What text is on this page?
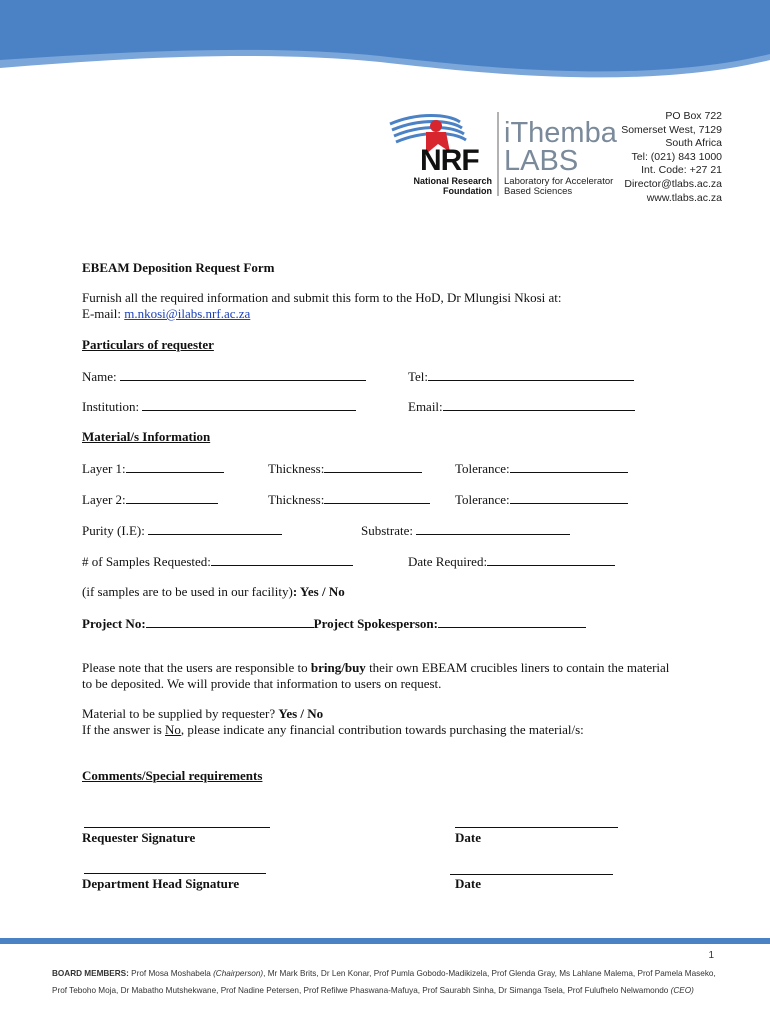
NRF
National Research
Foundation
iThemba
LABS
Laboratory for Accelerator
Based Sciences
PO Box 722
Somerset West, 7129
South Africa
Tel: (021) 843 1000
Int. Code: +27 21
Director@tlabs.ac.za
www.tlabs.ac.za
EBEAM Deposition Request Form
Furnish all the required information and submit this form to the HoD, Dr Mlungisi Nkosi at:
E-mail: m.nkosi@ilabs.nrf.ac.za
Particulars of requester
Name:	Tel:
Institution:	Email:
Material/s Information
Layer 1:	Thickness:	Tolerance:
Layer 2:	Thickness:	Tolerance:
Purity (I.E):	Substrate:
# of Samples Requested:	Date Required:
(if samples are to be used in our facility): Yes / No
Project No:	Project Spokesperson:
Please note that the users are responsible to bring/buy their own EBEAM crucibles liners to contain the material
to be deposited. We will provide that information to users on request.
Material to be supplied by requester? Yes / No
If the answer is No, please indicate any financial contribution towards purchasing the material/s:
Comments/Special requirements
Requester Signature	Date
Department Head Signature	Date
1
BOARD MEMBERS: Prof Mosa Moshabela (Chairperson), Mr Mark Brits, Dr Len Konar, Prof Pumla Gobodo-Madikizela, Prof Glenda Gray, Ms Lahlane Malema, Prof Pamela Maseko,
Prof Teboho Moja, Dr Mabatho Mutshekwane, Prof Nadine Petersen, Prof Refilwe Phaswana-Mafuya, Prof Saurabh Sinha, Dr Simanga Tsela, Prof Fulufhelo Nelwamondo (CEO)
